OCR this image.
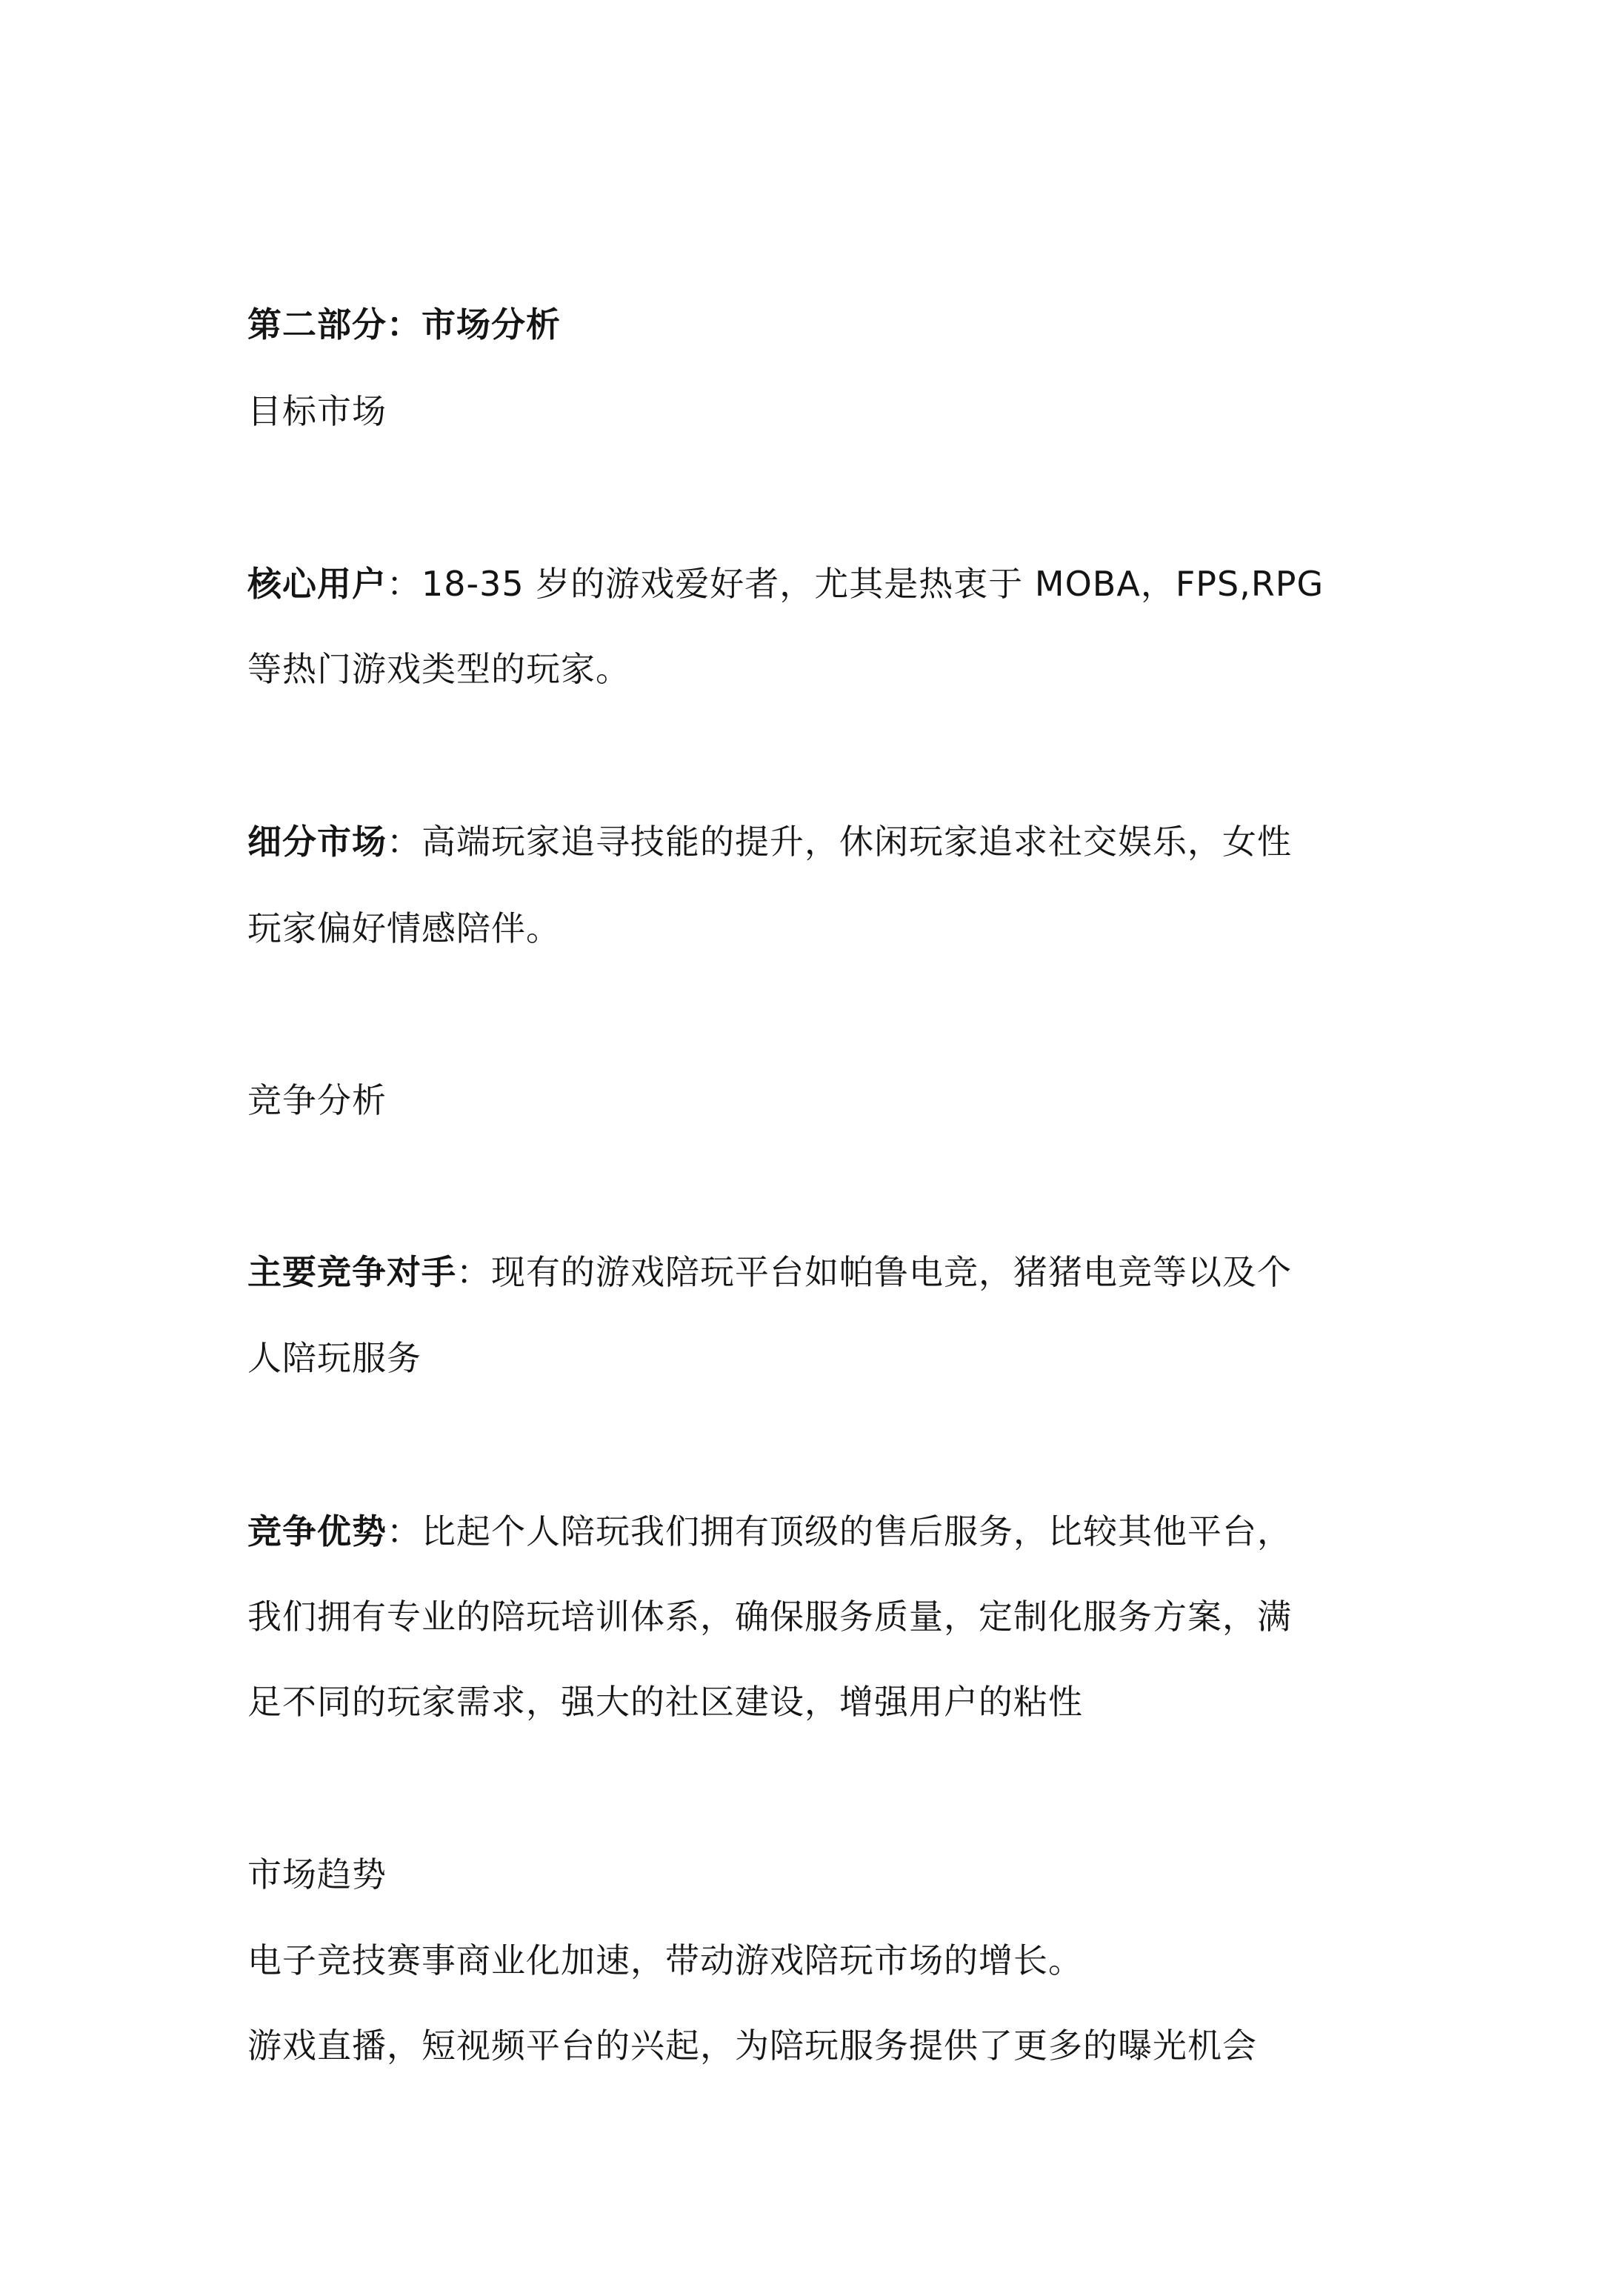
第二部分：市场分析
目标市场
核心用户：18-35 岁的游戏爱好者，尤其是热衷于 MOBA，FPS,RPG
等热门游戏类型的玩家。
细分市场：高端玩家追寻技能的提升，休闲玩家追求社交娱乐，女性
玩家偏好情感陪伴。
竞争分析
主要竞争对手：现有的游戏陪玩平台如帕鲁电竞，猪猪电竞等以及个
人陪玩服务
竞争优势：比起个人陪玩我们拥有顶级的售后服务，比较其他平台，
我们拥有专业的陪玩培训体系，确保服务质量，定制化服务方案，满
足不同的玩家需求，强大的社区建设，增强用户的粘性
市场趋势
电子竞技赛事商业化加速，带动游戏陪玩市场的增长。
游戏直播，短视频平台的兴起，为陪玩服务提供了更多的曝光机会
